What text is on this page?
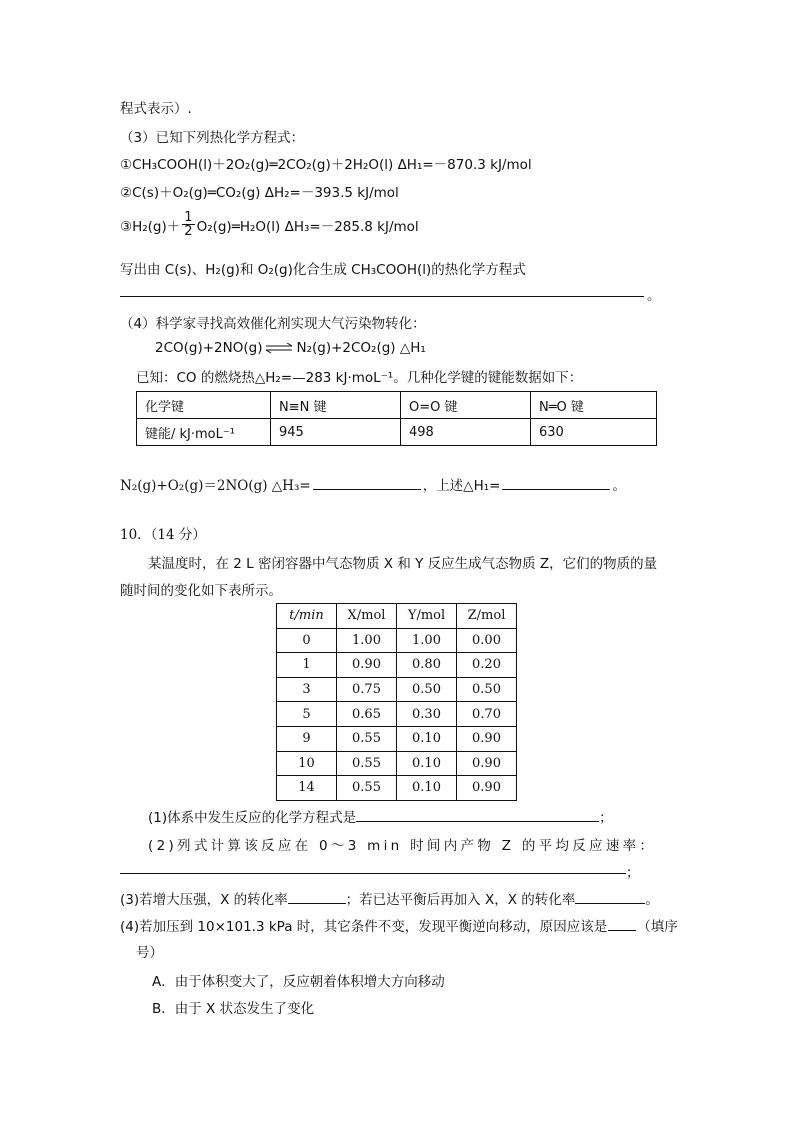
程式表示）.
（3）已知下列热化学方程式：
①CH₃COOH(l)＋2O₂(g)═2CO₂(g)＋2H₂O(l) ΔH₁=－870.3 kJ/mol
②C(s)＋O₂(g)═CO₂(g) ΔH₂=－393.5 kJ/mol
③H₂(g)＋ $\frac{1}{2}$ O₂(g)═H₂O(l) ΔH₃=－285.8 kJ/mol
写出由 C(s)、H₂(g)和 O₂(g)化合生成 CH₃COOH(l)的热化学方程式
。
（4）科学家寻找高效催化剂实现大气污染物转化：
2CO(g)+2NO(g) ⇌ N₂(g)+2CO₂(g) △H₁
已知：CO 的燃烧热△H₂=—283 kJ·moL⁻¹。几种化学键的键能数据如下：
化学键	N≡N 键	O=O 键	N═O 键
键能/ kJ·moL⁻¹	945	498	630
N₂(g)+O₂(g)＝2NO(g) △H₃=	，上述△H₁=	。
10．（14 分）
某温度时，在 2 L 密闭容器中气态物质 X 和 Y 反应生成气态物质 Z，它们的物质的量
随时间的变化如下表所示。
t/min	X/mol	Y/mol	Z/mol
0	1.00	1.00	0.00
1	0.90	0.80	0.20
3	0.75	0.50	0.50
5	0.65	0.30	0.70
9	0.55	0.10	0.90
10	0.55	0.10	0.90
14	0.55	0.10	0.90
(1)体系中发生反应的化学方程式是	；
(2)列式计算该反应在 0～3 min 时间内产物 Z 的平均反应速率：
；
(3)若增大压强，X 的转化率	；若已达平衡后再加入 X，X 的转化率	。
(4)若加压到 10×101.3 kPa 时，其它条件不变，发现平衡逆向移动，原因应该是 （填序
号）
A．由于体积变大了，反应朝着体积增大方向移动
B．由于 X 状态发生了变化
